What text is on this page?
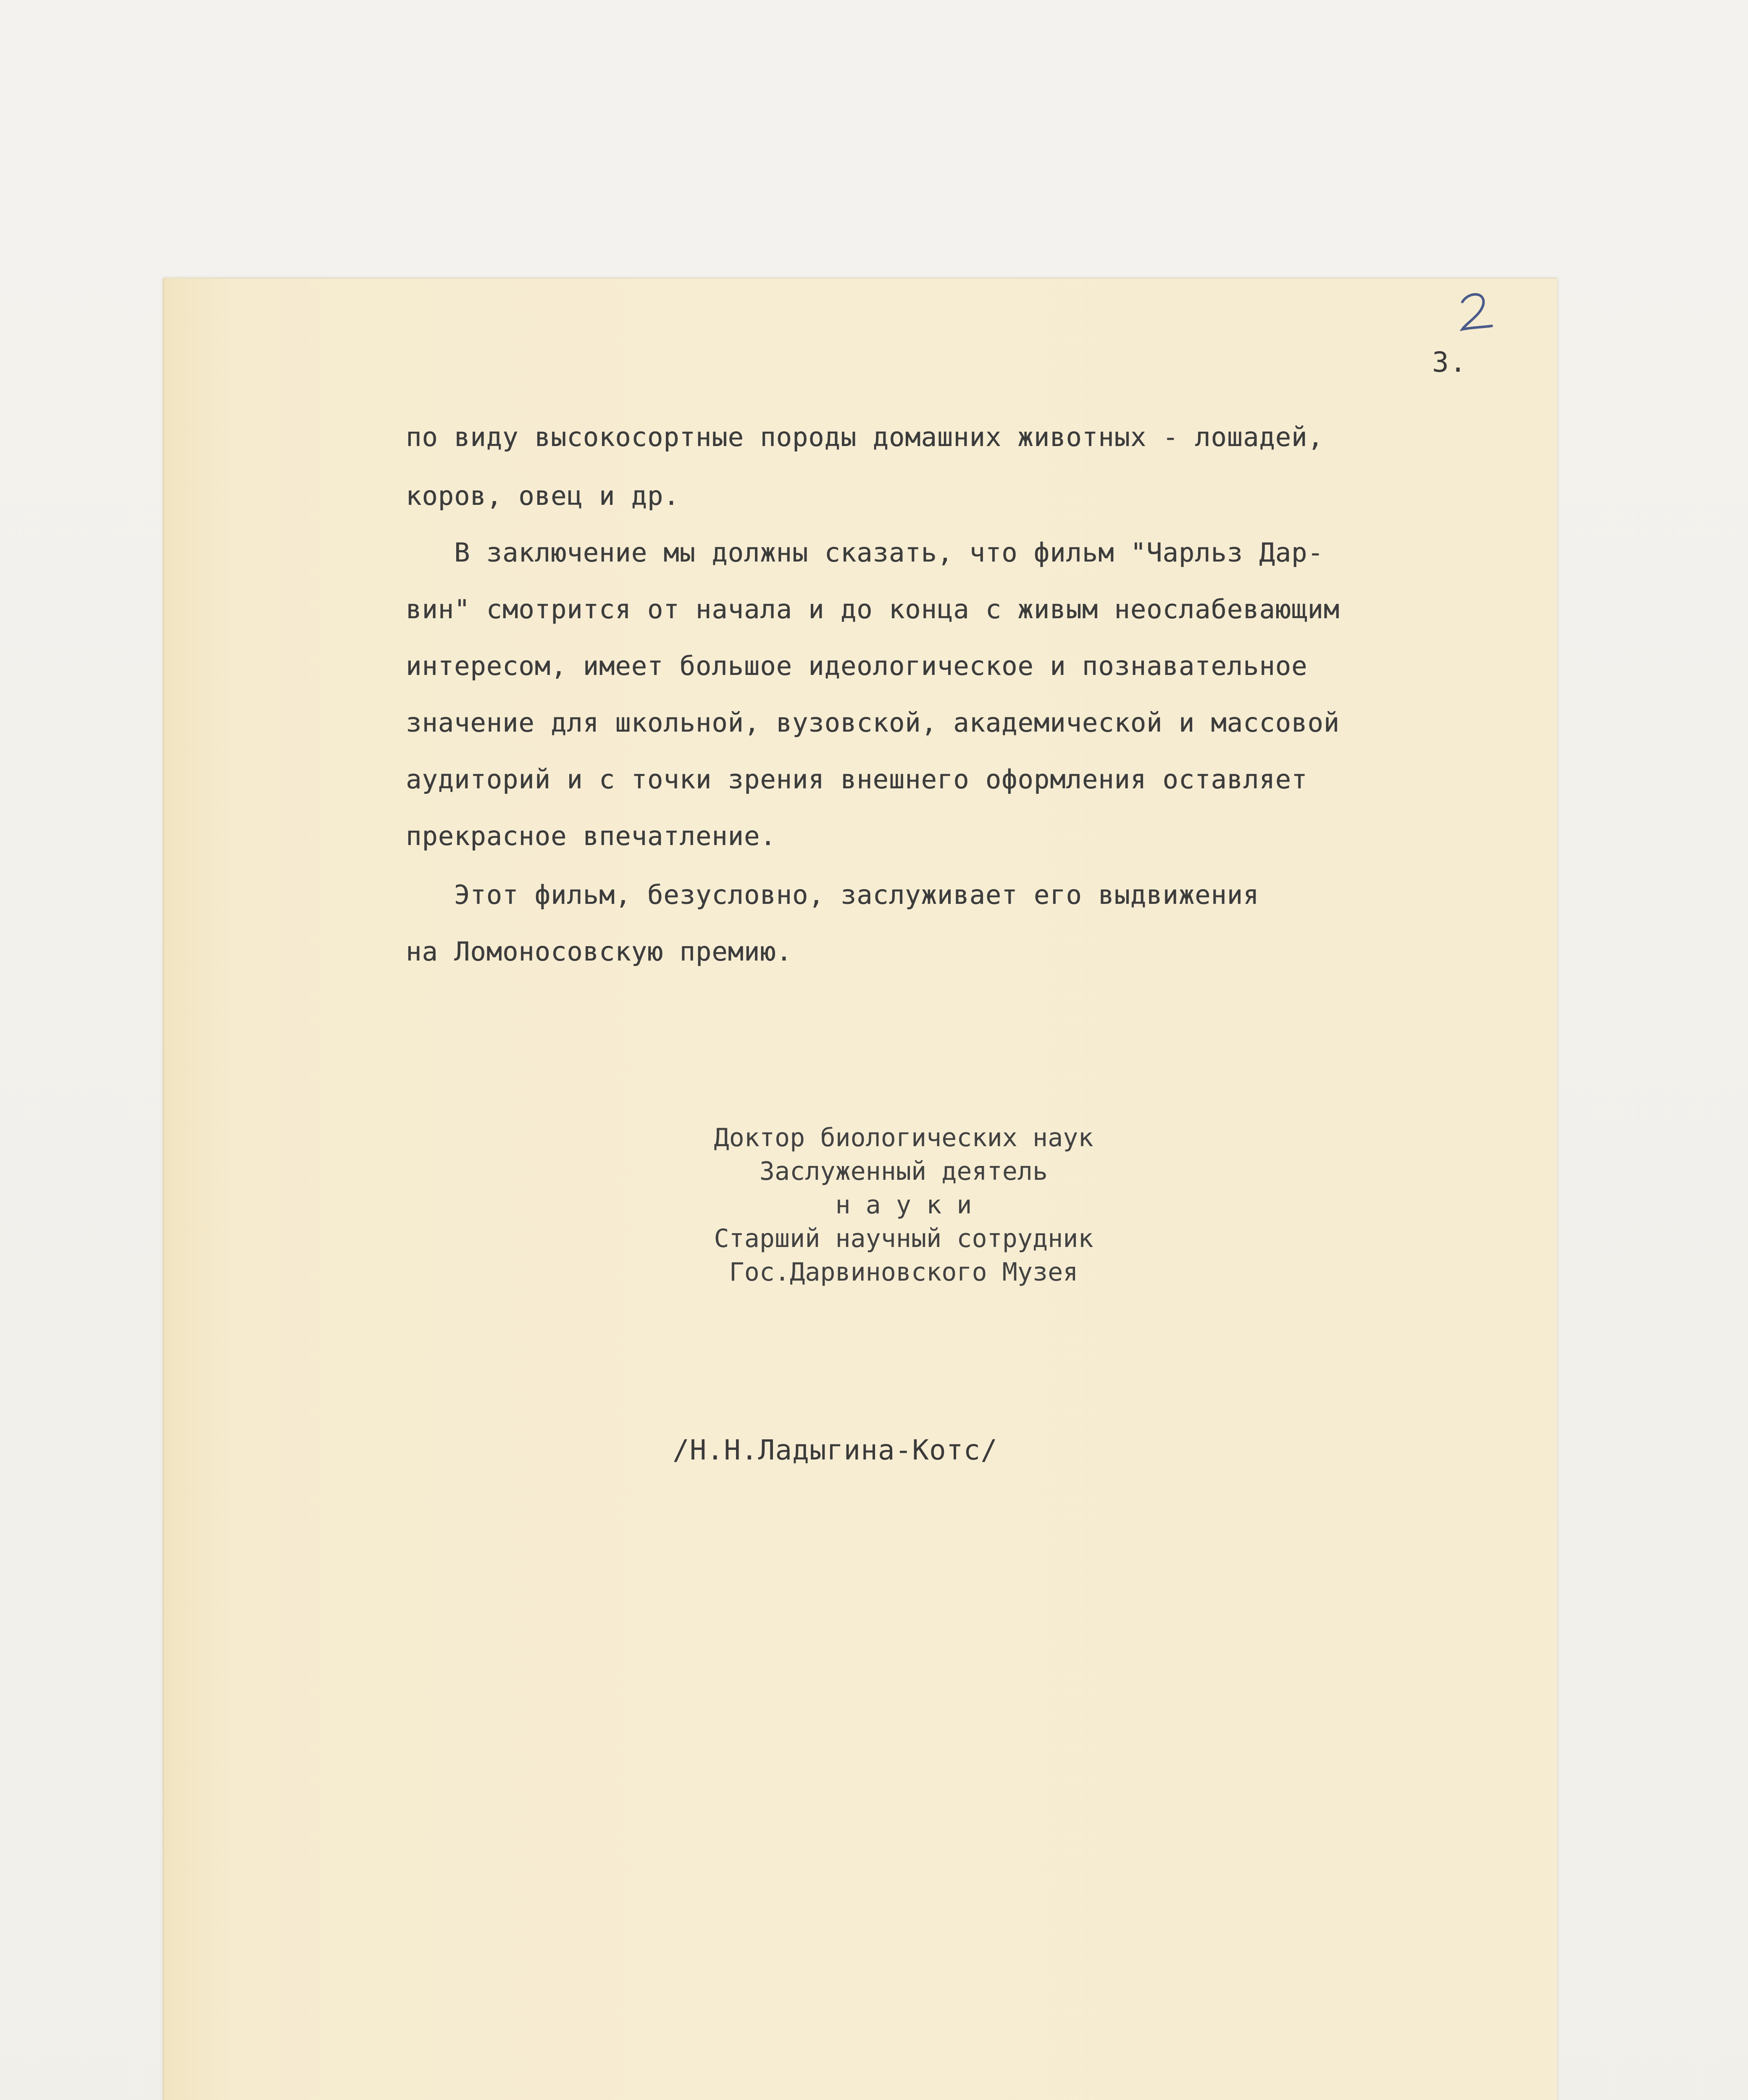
3.
по виду высокосортные породы домашних животных - лошадей,
коров, овец и др.
В заключение мы должны сказать, что фильм "Чарльз Дар-
вин" смотрится от начала и до конца с живым неослабевающим
интересом, имеет большое идеологическое и познавательное
значение для школьной, вузовской, академической и массовой
аудиторий и с точки зрения внешнего оформления оставляет
прекрасное впечатление.
Этот фильм, безусловно, заслуживает его выдвижения
на Ломоносовскую премию.
Доктор биологических наук
Заслуженный деятель
н а у к и
Старший научный сотрудник
Гос.Дарвиновского Музея
/Н.Н.Ладыгина-Котс/
